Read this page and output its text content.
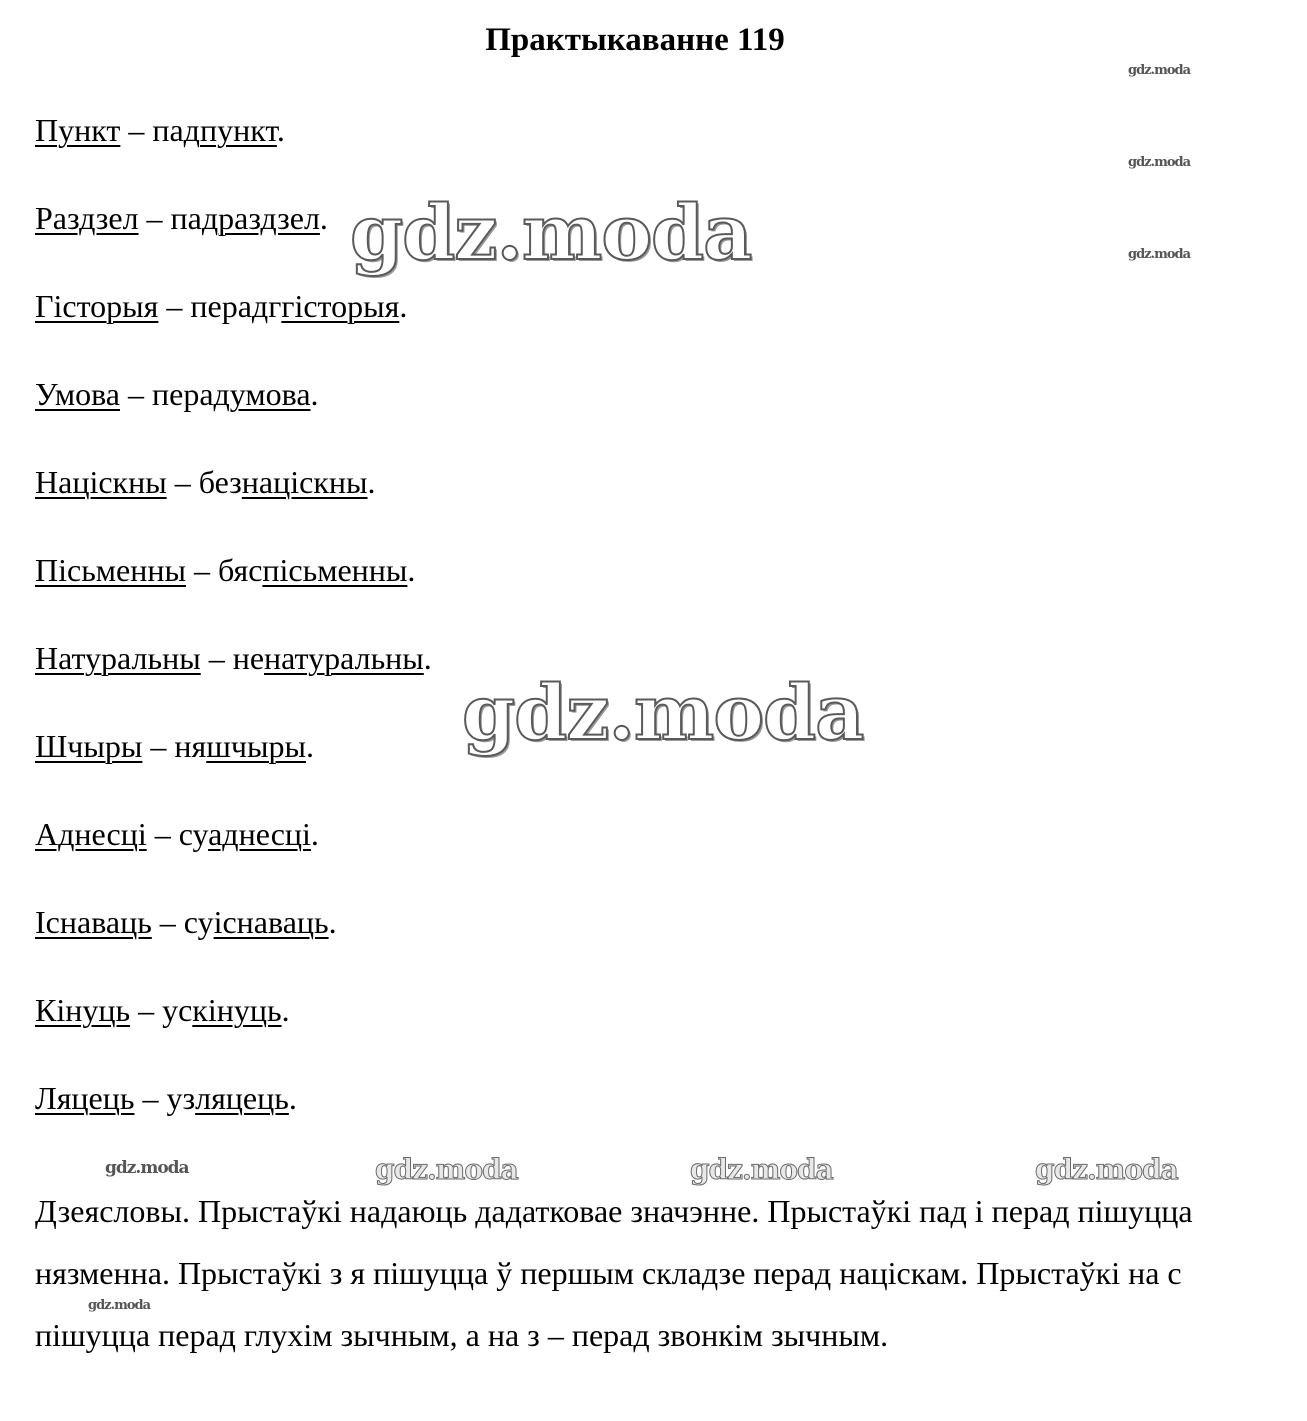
Практыкаванне 119
Пункт – падпункт.
Раздзел – падраздзел.
Гісторыя – перадггісторыя.
Умова – перадумова.
Націскны – безнаціскны.
Пісьменны – бяспісьменны.
Натуральны – ненатуральны.
Шчыры – няшчыры.
Аднесці – суаднесці.
Існаваць – суіснаваць.
Кінуць – ускінуць.
Ляцець – узляцець.

Дзеясловы. Прыстаўкі надаюць дадатковае значэнне. Прыстаўкі пад і перад пішуцца нязменна. Прыстаўкі з я пішуцца ў першым складзе перад націскам. Прыстаўкі на с пішуцца перад глухім зычным, а на з – перад звонкім зычным.

gdz.moda
gdz.moda
gdz.moda	gdz.moda	gdz.moda
gdz.moda
gdz.moda
gdz.moda
gdz.moda
gdz.moda
